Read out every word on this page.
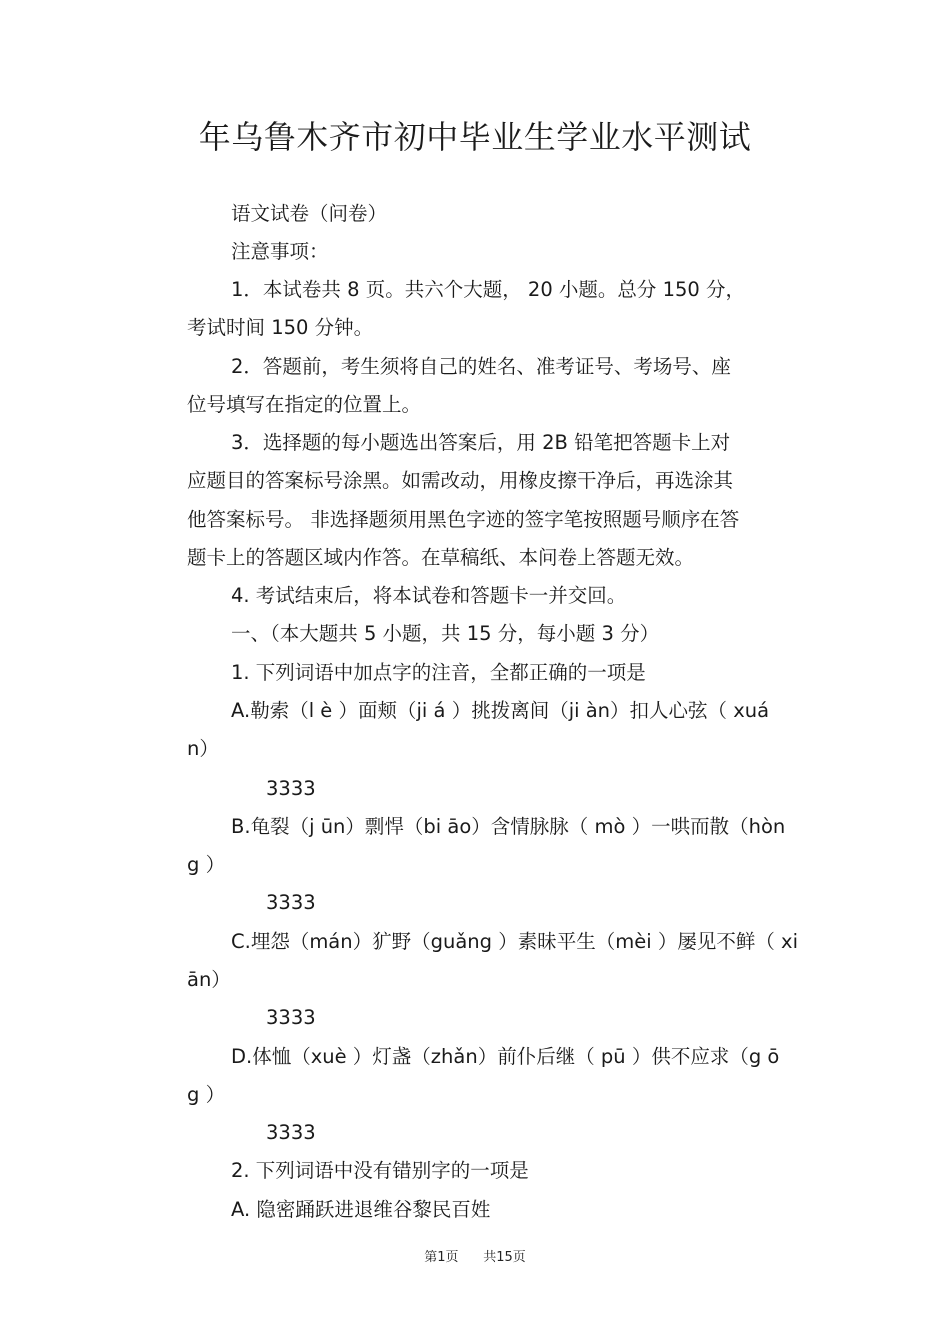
年乌鲁木齐市初中毕业生学业水平测试
语文试卷（问卷）
注意事项：
1．本试卷共 8 页。共六个大题， 20 小题。总分 150 分，
考试时间 150 分钟。
2．答题前，考生须将自己的姓名、准考证号、考场号、座
位号填写在指定的位置上。
3．选择题的每小题选出答案后，用 2B 铅笔把答题卡上对
应题目的答案标号涂黑。如需改动，用橡皮擦干净后，再选涂其
他答案标号。 非选择题须用黑色字迹的签字笔按照题号顺序在答
题卡上的答题区域内作答。在草稿纸、本问卷上答题无效。
4. 考试结束后，将本试卷和答题卡一并交回。
一、（本大题共 5 小题，共 15 分，每小题 3 分）
1. 下列词语中加点字的注音，全都正确的一项是
A.勒索（l è ）面颊（ji á ）挑拨离间（ji àn）扣人心弦（ xuá
n）
3333
B.龟裂（j ūn）剽悍（bi āo）含情脉脉（ mò ）一哄而散（hòn
g ）
3333
C.埋怨（mán）犷野（guǎng ）素昧平生（mèi ）屡见不鲜（ xi
ān）
3333
D.体恤（xuè ）灯盏（zhǎn）前仆后继（ pū ）供不应求（g ō
g ）
3333
2. 下列词语中没有错别字的一项是
A. 隐密踊跃进退维谷黎民百姓
第1页      共15页
